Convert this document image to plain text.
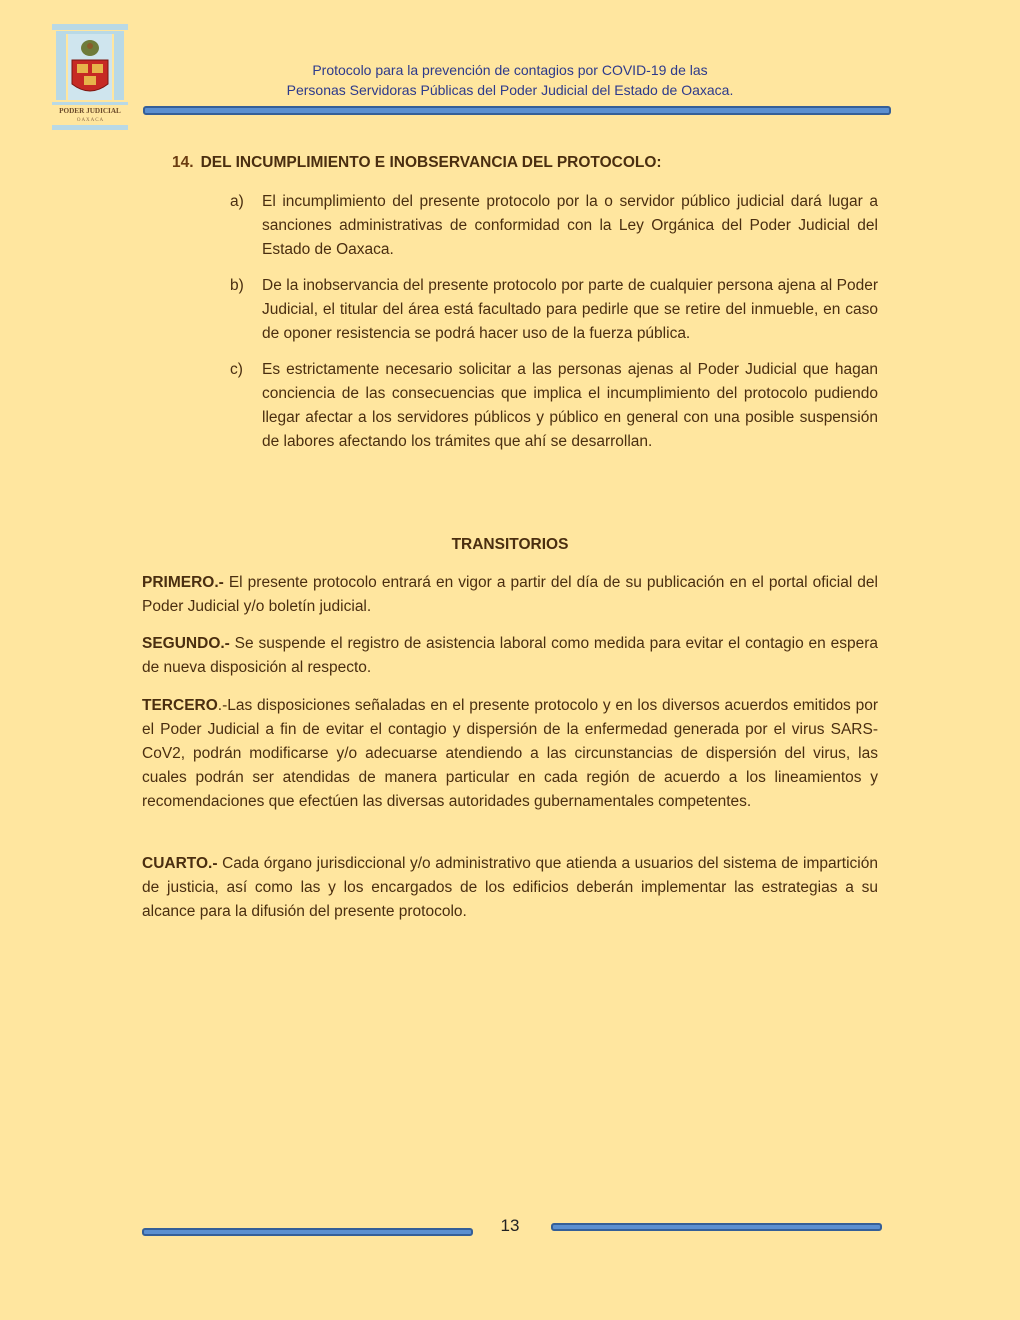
PODER JUDICIAL
O A X A C A
Protocolo para la prevención de contagios por COVID-19 de las
Personas Servidoras Públicas del Poder Judicial del Estado de Oaxaca.
14. DEL INCUMPLIMIENTO E INOBSERVANCIA DEL PROTOCOLO:
a) El incumplimiento del presente protocolo por la o servidor público judicial dará lugar a sanciones administrativas de conformidad con la Ley Orgánica del Poder Judicial del Estado de Oaxaca.
b) De la inobservancia del presente protocolo por parte de cualquier persona ajena al Poder Judicial, el titular del área está facultado para pedirle que se retire del inmueble, en caso de oponer resistencia se podrá hacer uso de la fuerza pública.
c) Es estrictamente necesario solicitar a las personas ajenas al Poder Judicial que hagan conciencia de las consecuencias que implica el incumplimiento del protocolo pudiendo llegar afectar a los servidores públicos y público en general con una posible suspensión de labores afectando los trámites que ahí se desarrollan.
TRANSITORIOS
PRIMERO.- El presente protocolo entrará en vigor a partir del día de su publicación en el portal oficial del Poder Judicial y/o boletín judicial.
SEGUNDO.- Se suspende el registro de asistencia laboral como medida para evitar el contagio en espera de nueva disposición al respecto.
TERCERO.-Las disposiciones señaladas en el presente protocolo y en los diversos acuerdos emitidos por el Poder Judicial a fin de evitar el contagio y dispersión de la enfermedad generada por el virus SARS-CoV2, podrán modificarse y/o adecuarse atendiendo a las circunstancias de dispersión del virus, las cuales podrán ser atendidas de manera particular en cada región de acuerdo a los lineamientos y recomendaciones que efectúen las diversas autoridades gubernamentales competentes.
CUARTO.- Cada órgano jurisdiccional y/o administrativo que atienda a usuarios del sistema de impartición de justicia, así como las y los encargados de los edificios deberán implementar las estrategias a su alcance para la difusión del presente protocolo.
13
